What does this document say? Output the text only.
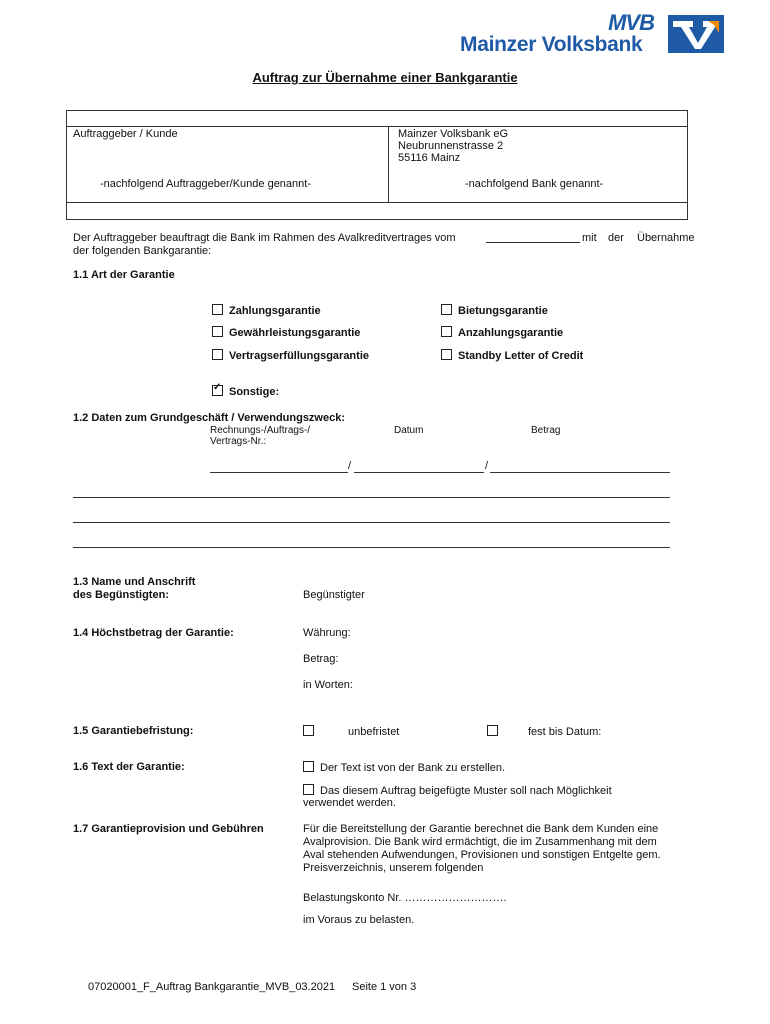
MVB
Mainzer Volksbank
Auftrag zur Übernahme einer Bankgarantie
Auftraggeber / Kunde
-nachfolgend Auftraggeber/Kunde genannt-
Mainzer Volksbank eG
Neubrunnenstrasse 2
55116 Mainz
-nachfolgend Bank genannt-
Der Auftraggeber beauftragt die Bank im Rahmen des Avalkreditvertrages vom	mit der Übernahme
der folgenden Bankgarantie:
1.1 Art der Garantie
Zahlungsgarantie	Bietungsgarantie
Gewährleistungsgarantie	Anzahlungsgarantie
Vertragserfüllungsgarantie	Standby Letter of Credit
✓Sonstige:
1.2 Daten zum Grundgeschäft / Verwendungszweck:
Rechnungs-/Auftrags-/
Vertrags-Nr.:
Datum	Betrag
/	/
1.3 Name und Anschrift
des Begünstigten:	Begünstigter
1.4 Höchstbetrag der Garantie:	Währung:
Betrag:
in Worten:
1.5 Garantiebefristung:	unbefristet	fest bis Datum:
1.6 Text der Garantie:	Der Text ist von der Bank zu erstellen.
Das diesem Auftrag beigefügte Muster soll nach Möglichkeit
verwendet werden.
1.7 Garantieprovision und Gebühren	Für die Bereitstellung der Garantie berechnet die Bank dem Kunden eine
Avalprovision. Die Bank wird ermächtigt, die im Zusammenhang mit dem
Aval stehenden Aufwendungen, Provisionen und sonstigen Entgelte gem.
Preisverzeichnis, unserem folgenden
Belastungskonto Nr. ……………………….
im Voraus zu belasten.
07020001_F_Auftrag Bankgarantie_MVB_03.2021 Seite 1 von 3
